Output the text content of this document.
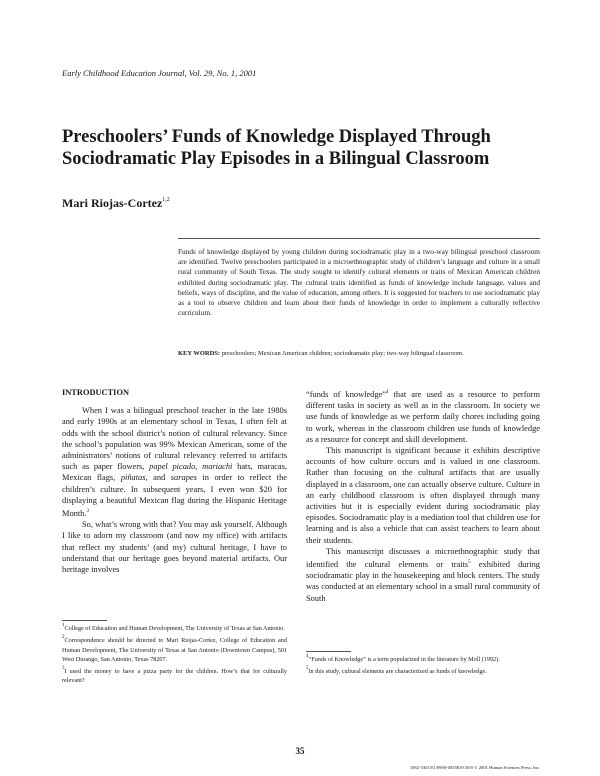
Early Childhood Education Journal, Vol. 29, No. 1, 2001
Preschoolers’ Funds of Knowledge Displayed Through Sociodramatic Play Episodes in a Bilingual Classroom
Mari Riojas-Cortez$^{1,2}$
Funds of knowledge displayed by young children during sociodramatic play in a two-way bilingual preschool classroom are identified. Twelve preschoolers participated in a microethnographic study of children’s language and culture in a small rural community of South Texas. The study sought to identify cultural elements or traits of Mexican American children exhibited during sociodramatic play. The cultural traits identified as funds of knowledge include language, values and beliefs, ways of discipline, and the value of education, among others. It is suggested for teachers to use sociodramatic play as a tool to observe children and learn about their funds of knowledge in order to implement a culturally reflective curriculum.
KEY WORDS: preschoolers; Mexican American children; sociodramatic play; two-way bilingual classroom.
INTRODUCTION

When I was a bilingual preschool teacher in the late 1980s and early 1990s at an elementary school in Texas, I often felt at odds with the school district’s notion of cultural relevancy. Since the school’s population was 99% Mexican American, some of the administrators’ notions of cultural relevancy referred to artifacts such as paper flowers, papel picado, mariachi hats, maracas, Mexican flags, piñatas, and sarapes in order to reflect the children’s culture. In subsequent years, I even won $20 for displaying a beautiful Mexican flag during the Hispanic Heritage Month.$^3$

So, what’s wrong with that? You may ask yourself. Although I like to adorn my classroom (and now my office) with artifacts that reflect my students’ (and my) cultural heritage, I have to understand that our heritage goes beyond material artifacts. Our heritage involves

“funds of knowledge”$^4$ that are used as a resource to perform different tasks in society as well as in the classroom. In society we use funds of knowledge as we perform daily chores including going to work, whereas in the classroom children use funds of knowledge as a resource for concept and skill development.

This manuscript is significant because it exhibits descriptive accounts of how culture occurs and is valued in one classroom. Rather than focusing on the cultural artifacts that are usually displayed in a classroom, one can actually observe culture. Culture in an early childhood classroom is often displayed through many activities but it is especially evident during sociodramatic play episodes. Sociodramatic play is a mediation tool that children use for learning and is also a vehicle that can assist teachers to learn about their students.

This manuscript discusses a microethnographic study that identified the cultural elements or traits$^5$ exhibited during sociodramatic play in the housekeeping and block centers. The study was conducted at an elementary school in a small rural community of South

$^1$College of Education and Human Development, The University of Texas at San Antonio.

$^2$Correspondence should be directed to Mari Riojas-Cortez, College of Education and Human Development, The University of Texas at San Antonio (Downtown Campus), 501 West Durango, San Antonio, Texas 78207.

$^3$I used the money to have a pizza party for the children. How’s that for culturally relevant?

$^4$“Funds of Knowledge” is a term popularized in the literature by Moll (1992).

$^5$In this study, cultural elements are characterized as funds of knowledge.

35
1082-3301/01/0900-0035$19.50/0 © 2001 Human Sciences Press, Inc.
